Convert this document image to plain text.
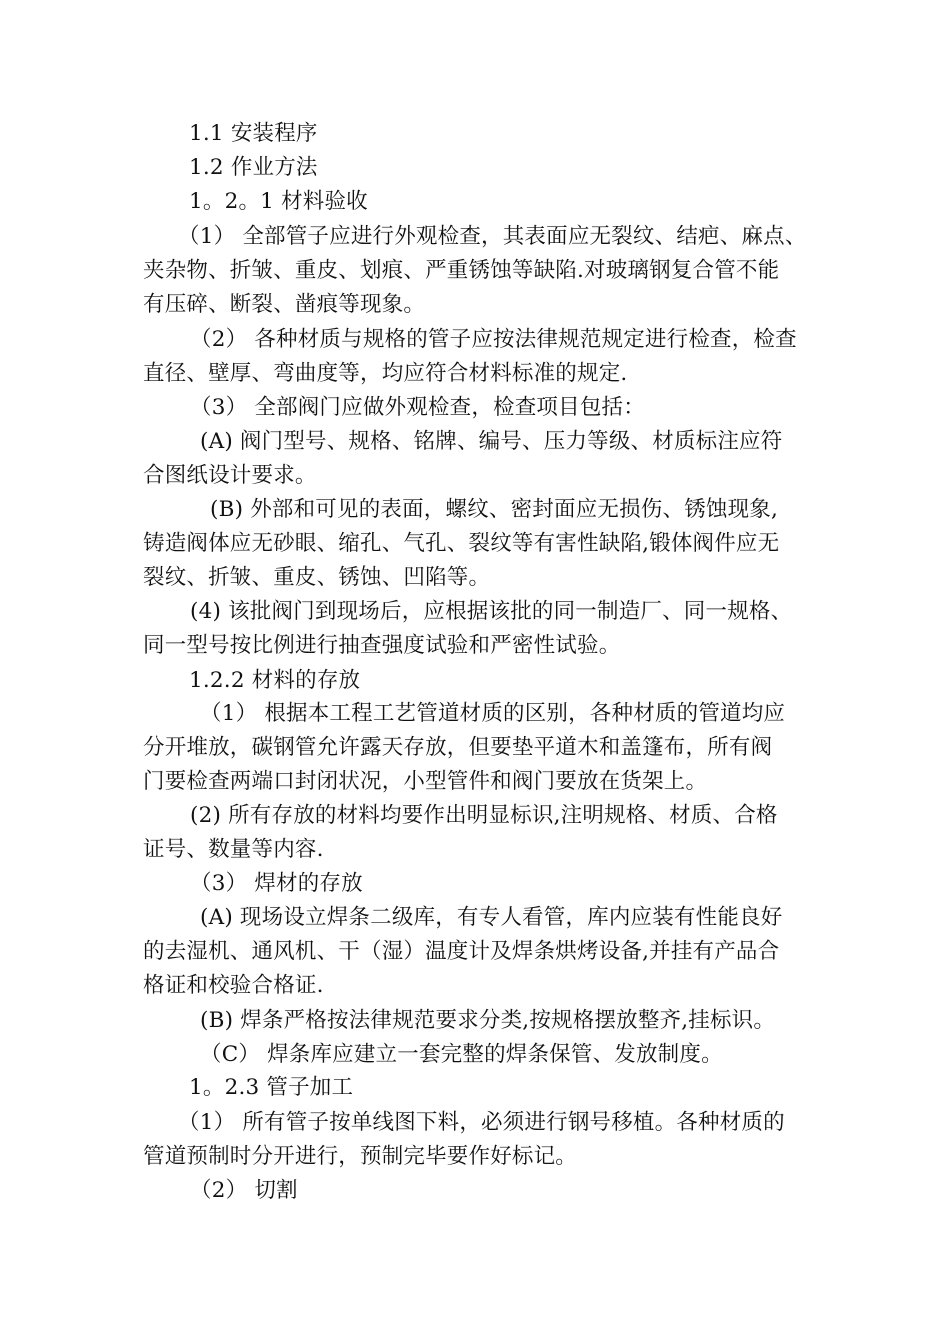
1.1 安装程序
1.2 作业方法
1。2。1 材料验收
（1） 全部管子应进行外观检查，其表面应无裂纹、结疤、麻点、
夹杂物、折皱、重皮、划痕、严重锈蚀等缺陷.对玻璃钢复合管不能
有压碎、断裂、凿痕等现象。
（2） 各种材质与规格的管子应按法律规范规定进行检查，检查
直径、壁厚、弯曲度等，均应符合材料标准的规定.
（3） 全部阀门应做外观检查，检查项目包括：
(A) 阀门型号、规格、铭牌、编号、压力等级、材质标注应符
合图纸设计要求。
(B) 外部和可见的表面，螺纹、密封面应无损伤、锈蚀现象,
铸造阀体应无砂眼、缩孔、气孔、裂纹等有害性缺陷,锻体阀件应无
裂纹、折皱、重皮、锈蚀、凹陷等。
(4) 该批阀门到现场后，应根据该批的同一制造厂、同一规格、
同一型号按比例进行抽查强度试验和严密性试验。
1.2.2 材料的存放
（1） 根据本工程工艺管道材质的区别，各种材质的管道均应
分开堆放，碳钢管允许露天存放，但要垫平道木和盖篷布，所有阀
门要检查两端口封闭状况，小型管件和阀门要放在货架上。
(2) 所有存放的材料均要作出明显标识,注明规格、材质、合格
证号、数量等内容.
（3） 焊材的存放
(A) 现场设立焊条二级库，有专人看管，库内应装有性能良好
的去湿机、通风机、干（湿）温度计及焊条烘烤设备,并挂有产品合
格证和校验合格证.
(B) 焊条严格按法律规范要求分类,按规格摆放整齐,挂标识。
（C） 焊条库应建立一套完整的焊条保管、发放制度。
1。2.3 管子加工
（1） 所有管子按单线图下料，必须进行钢号移植。各种材质的
管道预制时分开进行，预制完毕要作好标记。
（2） 切割
